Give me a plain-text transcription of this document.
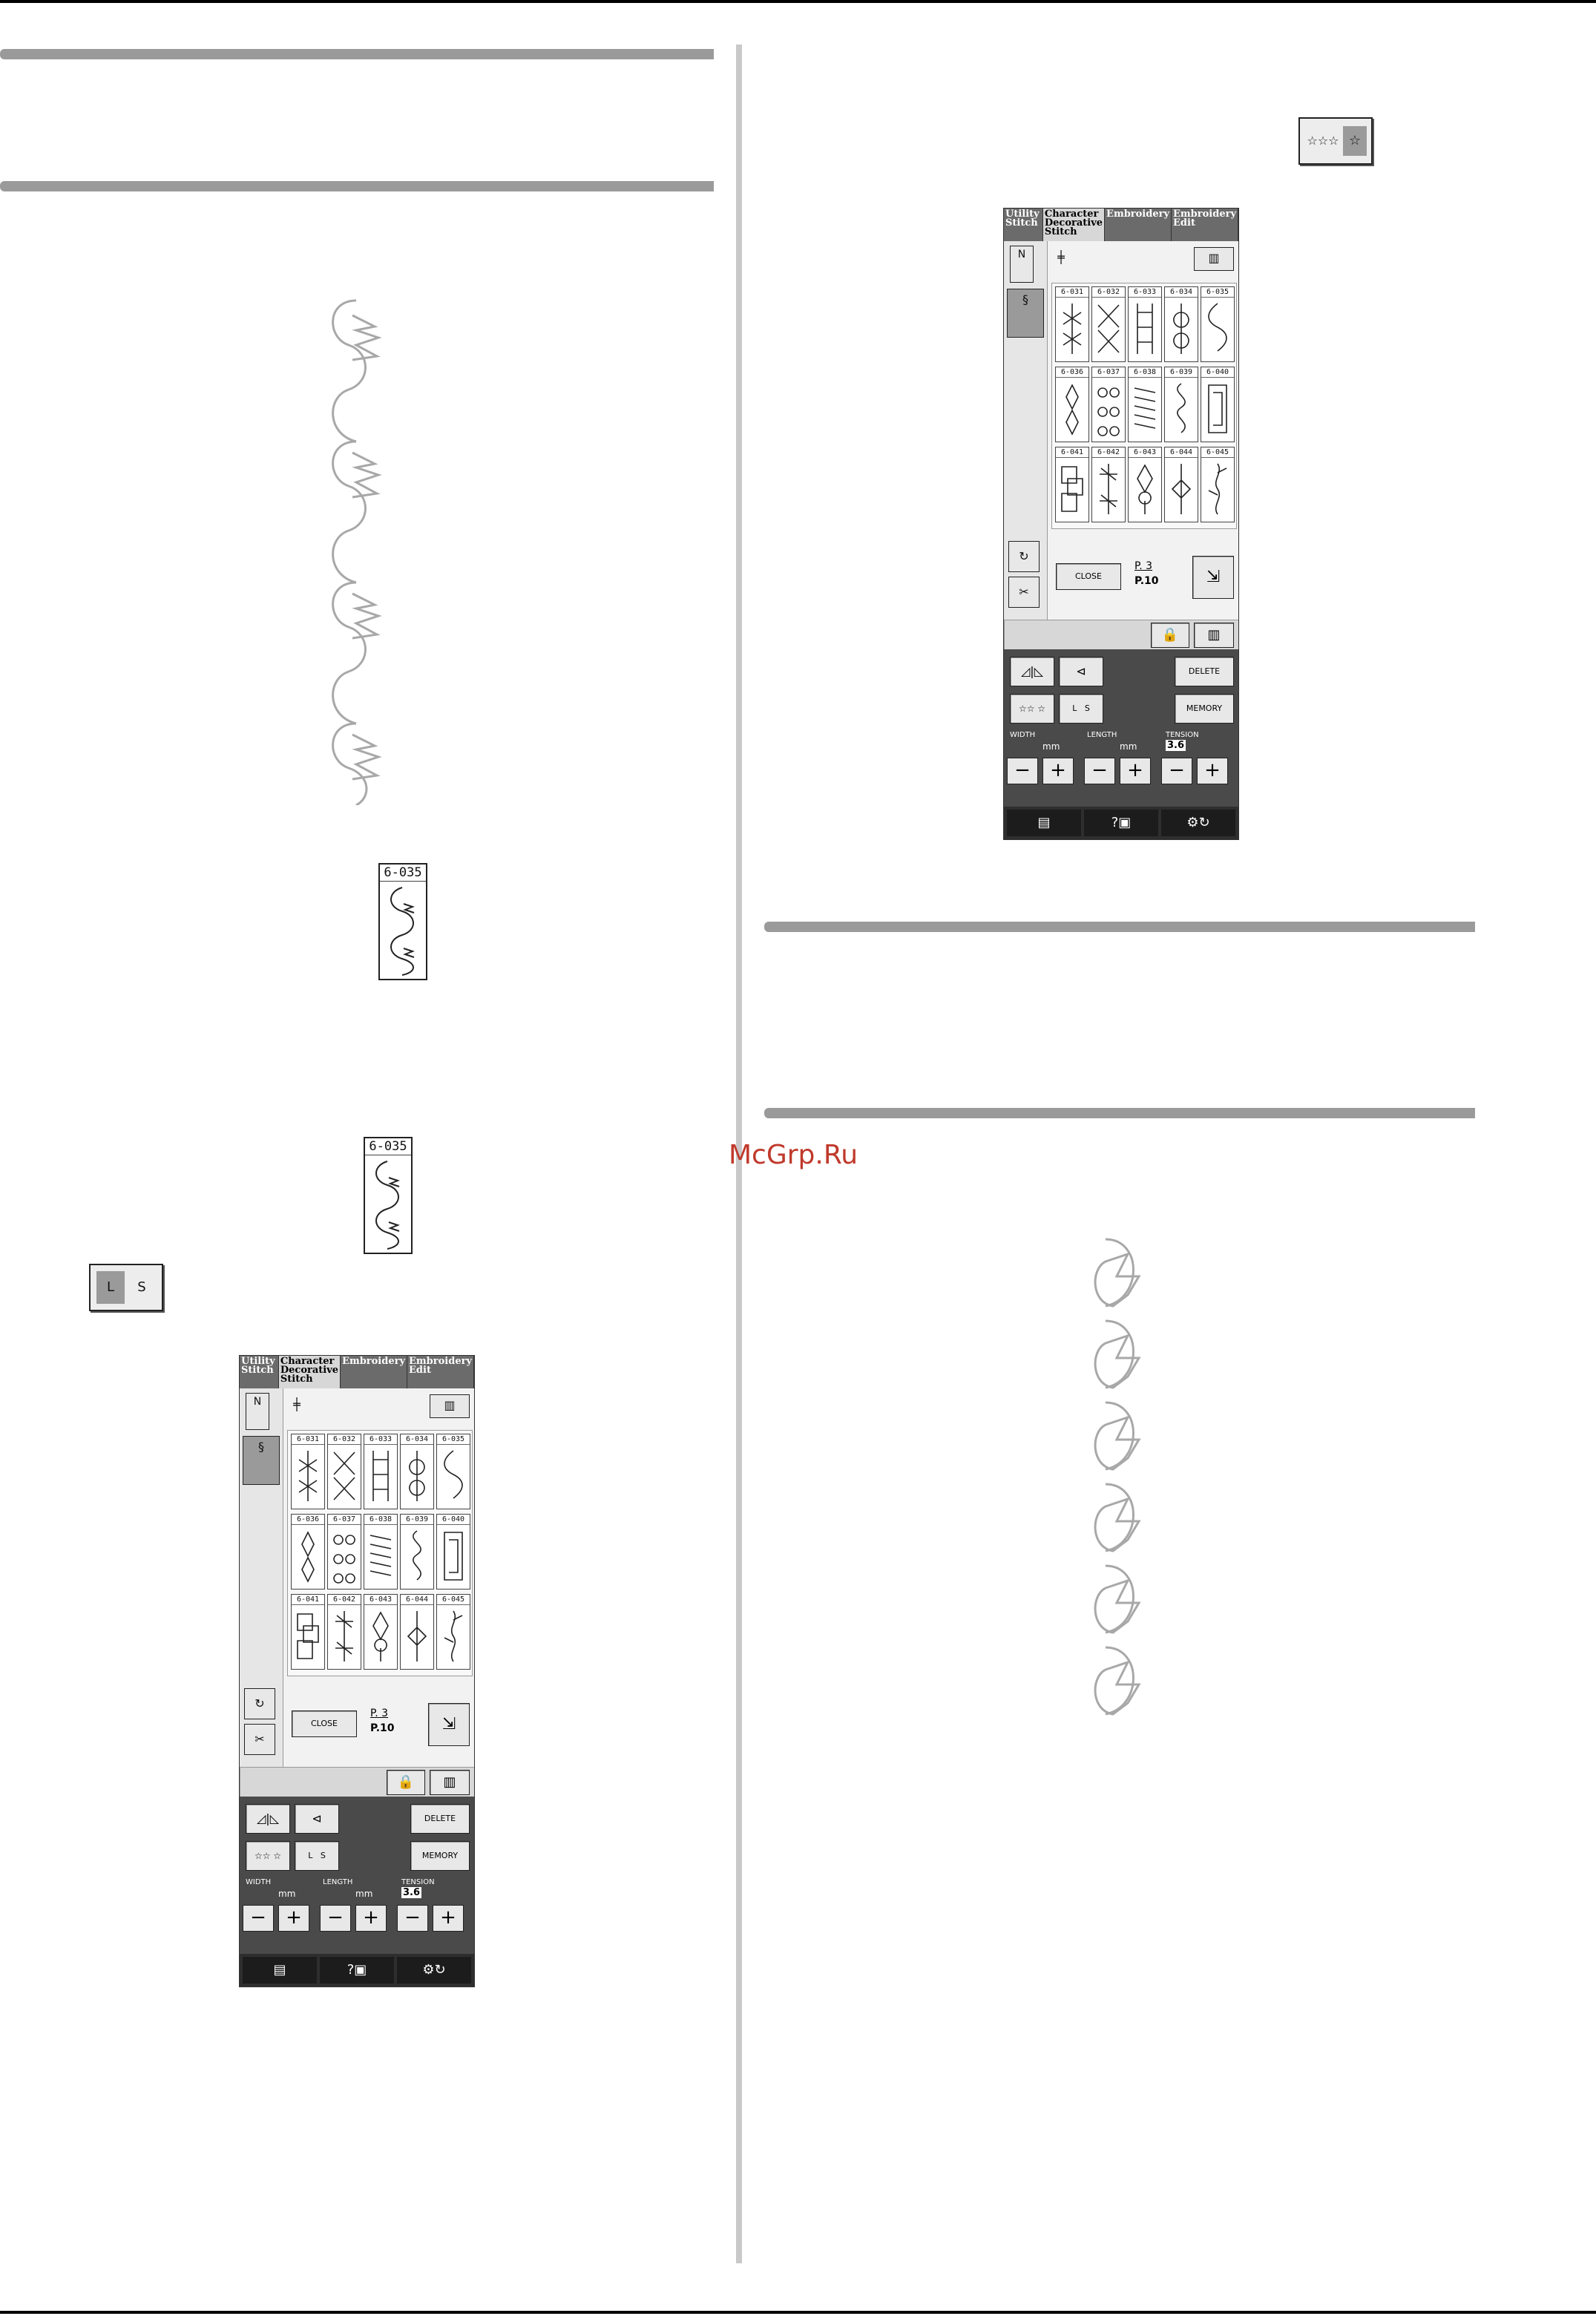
6-035
6-035
L	S
☆☆☆ ☆
McGrp.Ru
Utility Stitch
Character Decorative Stitch
Embroidery Embroidery Edit
N
§
↻
✂
╪	▥
6-031	6-032	6-033	6-034	6-035
6-036	6-037	6-038	6-039	6-040
6-041	6-042	6-043	6-044	6-045
CLOSE
P. 3
P.10	⇲
🔒	▥
◿|◺	⊲	DELETE
☆☆ ☆	L S	MEMORY
WIDTH	LENGTH	TENSION
mm	mm	3.6
−	+	−	+	−	+
▤	?▣	⚙↻
Utility Stitch
Character Decorative Stitch
Embroidery Embroidery Edit
N
§
↻
✂
╪	▥
6-031	6-032	6-033	6-034	6-035
6-036	6-037	6-038	6-039	6-040
6-041	6-042	6-043	6-044	6-045
CLOSE
P. 3
P.10	⇲
🔒	▥
◿|◺	⊲	DELETE
☆☆ ☆	L S	MEMORY
WIDTH	LENGTH	TENSION
mm	mm	3.6
−	+	−	+	−	+
▤	?▣	⚙↻
